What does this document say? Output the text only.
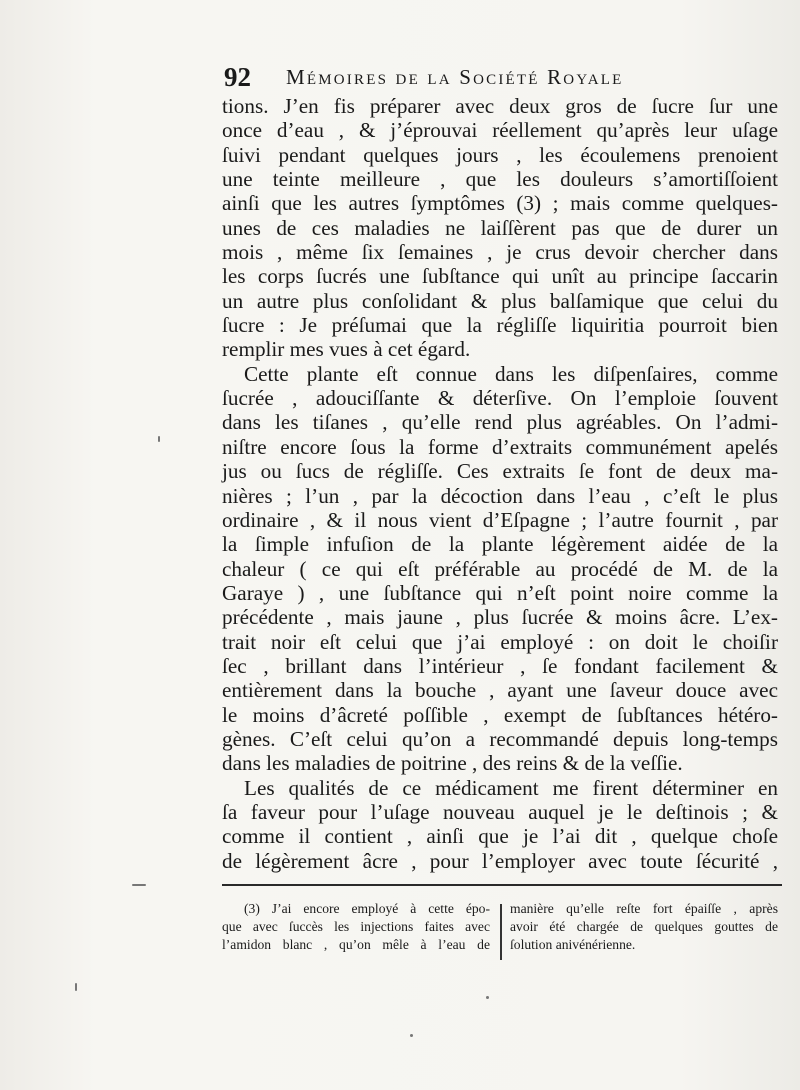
92 Mémoires de la Société Royale
tions. J’en fis préparer avec deux gros de ſucre ſur une
once d’eau , & j’éprouvai réellement qu’après leur uſage
ſuivi pendant quelques jours , les écoulemens prenoient
une teinte meilleure , que les douleurs s’amortiſſoient
ainſi que les autres ſymptômes (3) ; mais comme quelques-
unes de ces maladies ne laiſſèrent pas que de durer un
mois , même ſix ſemaines , je crus devoir chercher dans
les corps ſucrés une ſubſtance qui unît au principe ſaccarin
un autre plus conſolidant & plus balſamique que celui du
ſucre : Je préſumai que la régliſſe liquiritia pourroit bien
remplir mes vues à cet égard.
Cette plante eſt connue dans les diſpenſaires, comme
ſucrée , adouciſſante & déterſive. On l’emploie ſouvent
dans les tiſanes , qu’elle rend plus agréables. On l’admi-
niſtre encore ſous la forme d’extraits communément apelés
jus ou ſucs de régliſſe. Ces extraits ſe font de deux ma-
nières ; l’un , par la décoction dans l’eau , c’eſt le plus
ordinaire , & il nous vient d’Eſpagne ; l’autre fournit , par
la ſimple infuſion de la plante légèrement aidée de la
chaleur ( ce qui eſt préférable au procédé de M. de la
Garaye ) , une ſubſtance qui n’eſt point noire comme la
précédente , mais jaune , plus ſucrée & moins âcre. L’ex-
trait noir eſt celui que j’ai employé : on doit le choiſir
ſec , brillant dans l’intérieur , ſe fondant facilement &
entièrement dans la bouche , ayant une ſaveur douce avec
le moins d’âcreté poſſible , exempt de ſubſtances hétéro-
gènes. C’eſt celui qu’on a recommandé depuis long-temps
dans les maladies de poitrine , des reins & de la veſſie.
Les qualités de ce médicament me firent déterminer en
ſa faveur pour l’uſage nouveau auquel je le deſtinois ; &
comme il contient , ainſi que je l’ai dit , quelque choſe
de légèrement âcre , pour l’employer avec toute ſécurité ,
(3) J’ai encore employé à cette épo-
que avec ſuccès les injections faites avec
l’amidon blanc , qu’on mêle à l’eau de
manière qu’elle reſte fort épaiſſe , après
avoir été chargée de quelques gouttes de
ſolution anivénérienne.
